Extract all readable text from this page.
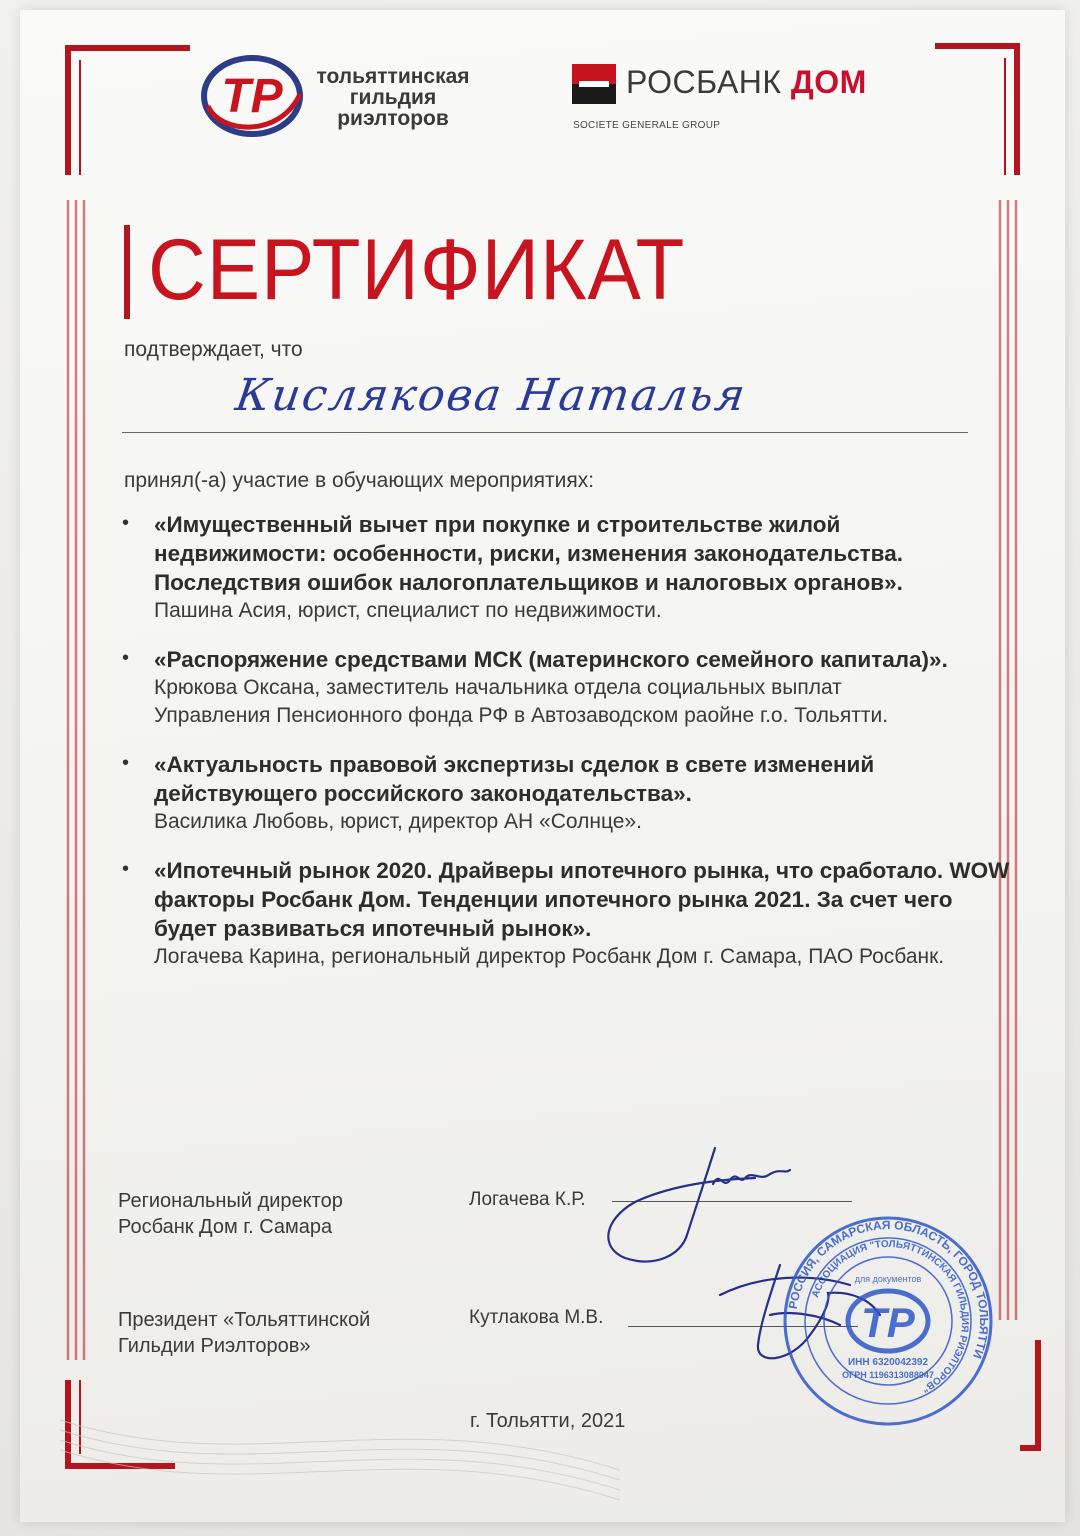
TP	тольяттинская
гильдия
риэлторов
РОСБАНК ДОМ
SOCIETE GENERALE GROUP
СЕРТИФИКАТ
подтверждает, что
Кислякова Наталья
принял(-а) участие в обучающих мероприятиях:
• «Имущественный вычет при покупке и строительстве жилой недвижимости: особенности, риски, изменения законодательства. Последствия ошибок налогоплательщиков и налоговых органов».
Пашина Асия, юрист, специалист по недвижимости.
• «Распоряжение средствами МСК (материнского семейного капитала)».
Крюкова Оксана, заместитель начальника отдела социальных выплат Управления Пенсионного фонда РФ в Автозаводском раойне г.о. Тольятти.
• «Актуальность правовой экспертизы сделок в свете изменений действующего российского законодательства».
Василика Любовь, юрист, директор АН «Солнце».
• «Ипотечный рынок 2020. Драйверы ипотечного рынка, что сработало. WOW факторы Росбанк Дом. Тенденции ипотечного рынка 2021. За счет чего будет развиваться ипотечный рынок».
Логачева Карина, региональный директор Росбанк Дом г. Самара, ПАО Росбанк.
Региональный директор
Росбанк Дом г. Самара
Логачева К.Р.
Президент «Тольяттинской
Гильдии Риэлторов»
Кутлакова М.В.
г. Тольятти, 2021
РОССИЯ, САМАРСКАЯ ОБЛАСТЬ, ГОРОД ТОЛЬЯТТИ
АССОЦИАЦИЯ "ТОЛЬЯТТИНСКАЯ ГИЛЬДИЯ РИЭЛТОРОВ"
ИНН 6320042392
ОГРН 1196313088047
для документов
TP
